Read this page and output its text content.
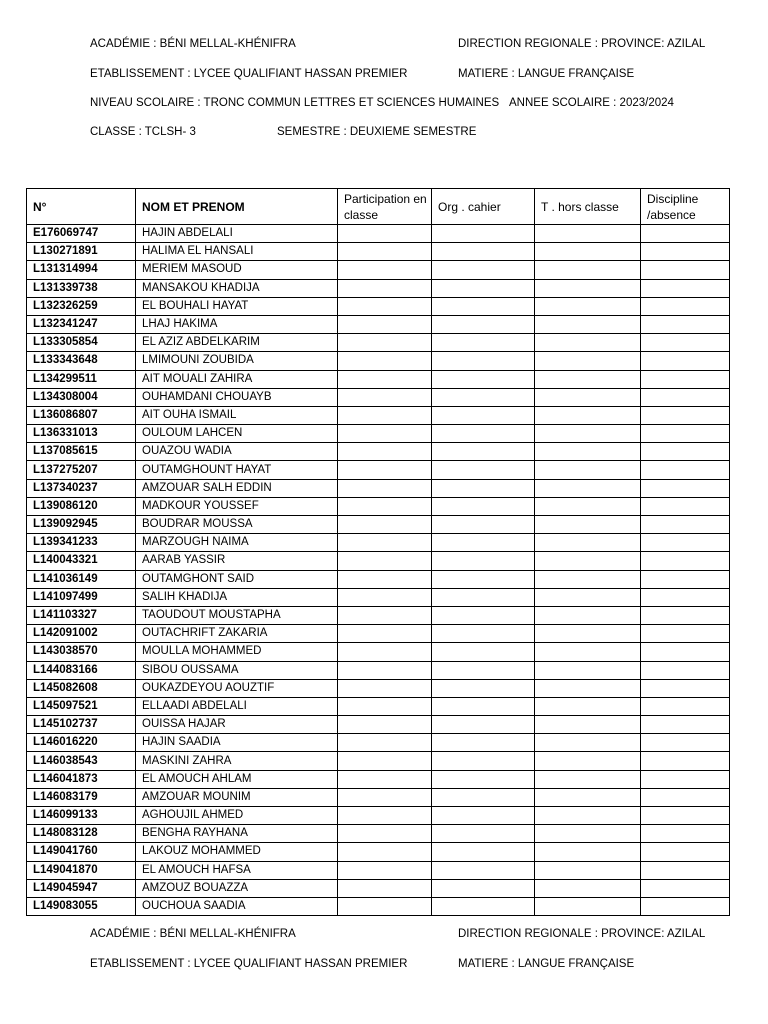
ACADÉMIE : BÉNI MELLAL-KHÉNIFRA	DIRECTION REGIONALE : PROVINCE: AZILAL
ETABLISSEMENT : LYCEE QUALIFIANT HASSAN PREMIER	MATIERE : LANGUE FRANÇAISE
NIVEAU SCOLAIRE : TRONC COMMUN LETTRES ET SCIENCES HUMAINES ANNEE SCOLAIRE : 2023/2024
CLASSE : TCLSH- 3	SEMESTRE : DEUXIEME SEMESTRE
N°	NOM ET PRENOM	Participation en classe	Org . cahier	T . hors classe	Discipline /absence
E176069747	HAJIN ABDELALI				
L130271891	HALIMA EL HANSALI				
L131314994	MERIEM MASOUD				
L131339738	MANSAKOU KHADIJA				
L132326259	EL BOUHALI HAYAT				
L132341247	LHAJ HAKIMA				
L133305854	EL AZIZ ABDELKARIM				
L133343648	LMIMOUNI ZOUBIDA				
L134299511	AIT MOUALI ZAHIRA				
L134308004	OUHAMDANI CHOUAYB				
L136086807	AIT OUHA ISMAIL				
L136331013	OULOUM LAHCEN				
L137085615	OUAZOU WADIA				
L137275207	OUTAMGHOUNT HAYAT				
L137340237	AMZOUAR SALH EDDIN				
L139086120	MADKOUR YOUSSEF				
L139092945	BOUDRAR MOUSSA				
L139341233	MARZOUGH NAIMA				
L140043321	AARAB YASSIR				
L141036149	OUTAMGHONT SAID				
L141097499	SALIH KHADIJA				
L141103327	TAOUDOUT MOUSTAPHA				
L142091002	OUTACHRIFT ZAKARIA				
L143038570	MOULLA MOHAMMED				
L144083166	SIBOU OUSSAMA				
L145082608	OUKAZDEYOU AOUZTIF				
L145097521	ELLAADI ABDELALI				
L145102737	OUISSA HAJAR				
L146016220	HAJIN SAADIA				
L146038543	MASKINI ZAHRA				
L146041873	EL AMOUCH AHLAM				
L146083179	AMZOUAR MOUNIM				
L146099133	AGHOUJIL AHMED				
L148083128	BENGHA RAYHANA				
L149041760	LAKOUZ MOHAMMED				
L149041870	EL AMOUCH HAFSA				
L149045947	AMZOUZ BOUAZZA				
L149083055	OUCHOUA SAADIA				
ACADÉMIE : BÉNI MELLAL-KHÉNIFRA	DIRECTION REGIONALE : PROVINCE: AZILAL
ETABLISSEMENT : LYCEE QUALIFIANT HASSAN PREMIER	MATIERE : LANGUE FRANÇAISE
